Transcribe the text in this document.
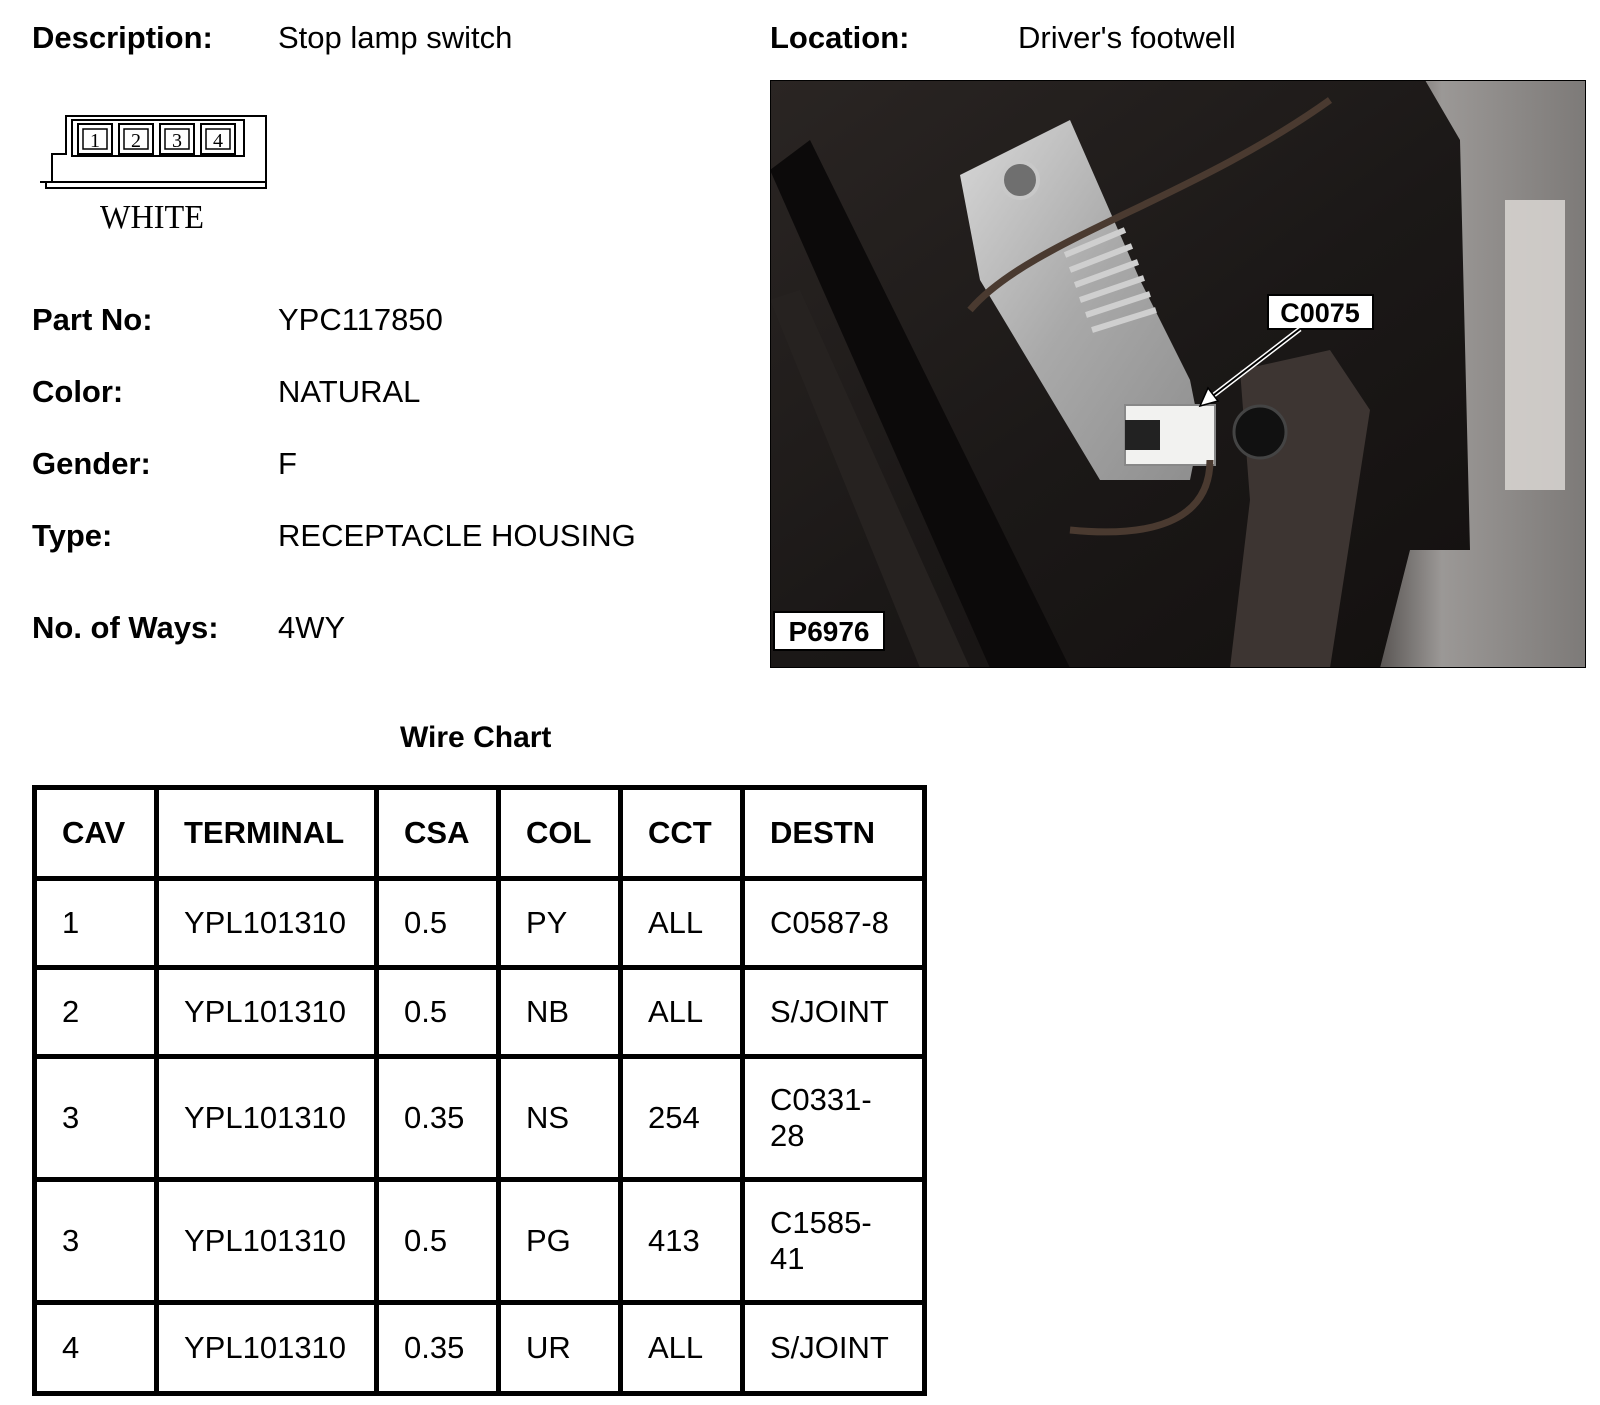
Description: Stop lamp switch	Location:	Driver's footwell
1 2 3 4
WHITE
Part No:	YPC117850
Color:	NATURAL
Gender:	F
Type:	RECEPTACLE HOUSING
No. of Ways: 4WY
C0075
P6976
Wire Chart
CAV	TERMINAL	CSA	COL	CCT	DESTN
1	YPL101310	0.5	PY	ALL	C0587-8
2	YPL101310	0.5	NB	ALL	S/JOINT
3	YPL101310	0.35	NS	254	C0331-
28
3	YPL101310	0.5	PG	413	C1585-
41
4	YPL101310	0.35	UR	ALL	S/JOINT
